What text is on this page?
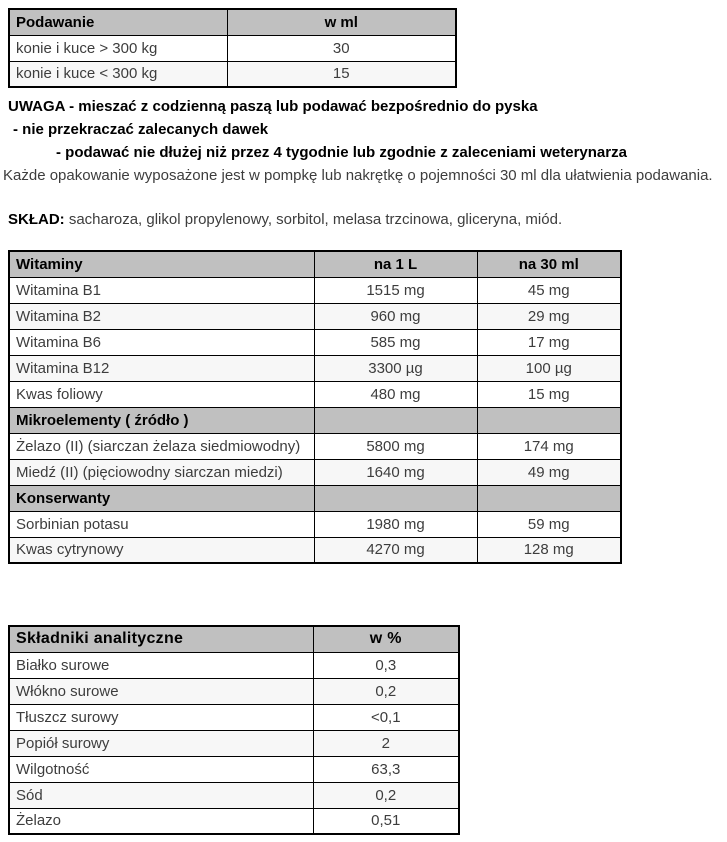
Podawanie	w ml
konie i kuce > 300 kg	30
konie i kuce < 300 kg	15

UWAGA - mieszać z codzienną paszą lub podawać bezpośrednio do pyska

- nie przekraczać zalecanych dawek

- podawać nie dłużej niż przez 4 tygodnie lub zgodnie z zaleceniami weterynarza

Każde opakowanie wyposażone jest w pompkę lub nakrętkę o pojemności 30 ml dla ułatwienia podawania.

SKŁAD: sacharoza, glikol propylenowy, sorbitol, melasa trzcinowa, gliceryna, miód.

Witaminy	na 1 L	na 30 ml
Witamina B1	1515 mg	45 mg
Witamina B2	960 mg	29 mg
Witamina B6	585 mg	17 mg
Witamina B12	3300 µg	100 µg
Kwas foliowy	480 mg	15 mg
Mikroelementy ( źródło )		
Żelazo (II) (siarczan żelaza siedmiowodny)	5800 mg	174 mg
Miedź (II) (pięciowodny siarczan miedzi)	1640 mg	49 mg
Konserwanty		
Sorbinian potasu	1980 mg	59 mg
Kwas cytrynowy	4270 mg	128 mg
Składniki analityczne	w %
Białko surowe	0,3
Włókno surowe	0,2
Tłuszcz surowy	<0,1
Popiół surowy	2
Wilgotność	63,3
Sód	0,2
Żelazo	0,51
